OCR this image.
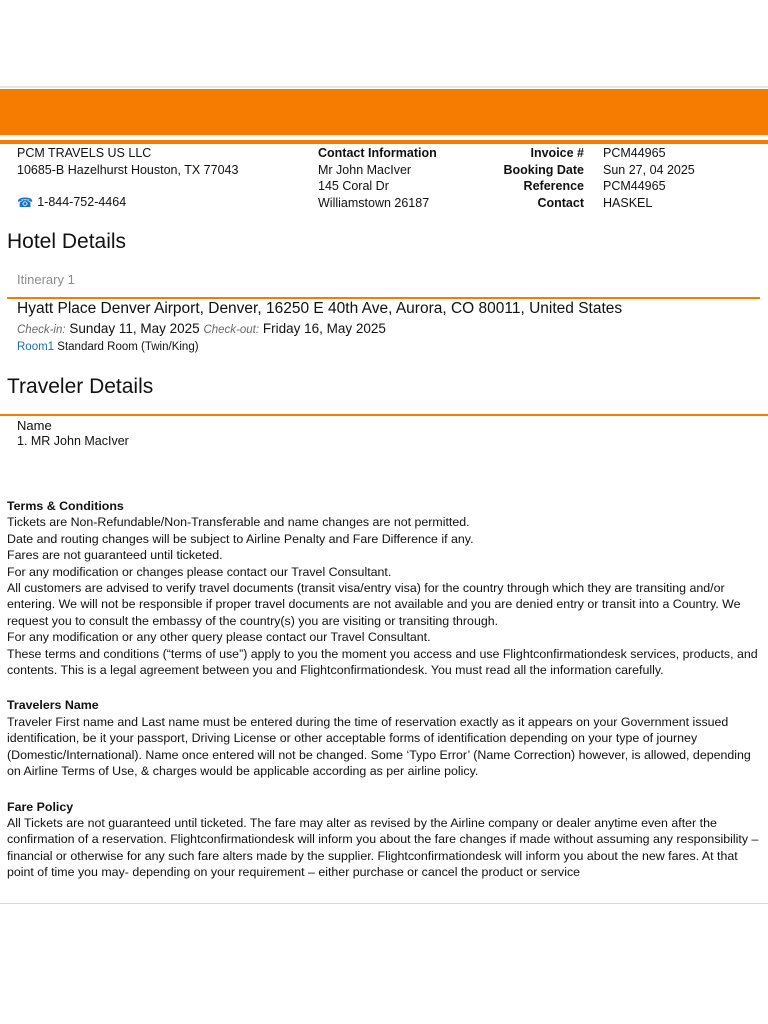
PCM TRAVELS US LLC
10685-B Hazelhurst Houston, TX 77043
☎ 1-844-752-4464
Contact Information
Mr John MacIver
145 Coral Dr
Williamstown 26187
Invoice # PCM44965
Booking Date Sun 27, 04 2025
Reference PCM44965
Contact HASKEL
Hotel Details
Itinerary 1
Hyatt Place Denver Airport, Denver, 16250 E 40th Ave, Aurora, CO 80011, United States
Check-in: Sunday 11, May 2025 Check-out: Friday 16, May 2025
Room1 Standard Room (Twin/King)
Traveler Details
Name
1. MR John MacIver
Terms & Conditions

Tickets are Non-Refundable/Non-Transferable and name changes are not permitted.

Date and routing changes will be subject to Airline Penalty and Fare Difference if any.

Fares are not guaranteed until ticketed.

For any modification or changes please contact our Travel Consultant.

All customers are advised to verify travel documents (transit visa/entry visa) for the country through which they are transiting and/or entering. We will not be responsible if proper travel documents are not available and you are denied entry or transit into a Country. We request you to consult the embassy of the country(s) you are visiting or transiting through.

For any modification or any other query please contact our Travel Consultant.

These terms and conditions (“terms of use”) apply to you the moment you access and use Flightconfirmationdesk services, products, and contents. This is a legal agreement between you and Flightconfirmationdesk. You must read all the information carefully.

Travelers Name

Traveler First name and Last name must be entered during the time of reservation exactly as it appears on your Government issued identification, be it your passport, Driving License or other acceptable forms of identification depending on your type of journey (Domestic/International). Name once entered will not be changed. Some ‘Typo Error’ (Name Correction) however, is allowed, depending on Airline Terms of Use, & charges would be applicable according as per airline policy.

Fare Policy

All Tickets are not guaranteed until ticketed. The fare may alter as revised by the Airline company or dealer anytime even after the confirmation of a reservation. Flightconfirmationdesk will inform you about the fare changes if made without assuming any responsibility –financial or otherwise for any such fare alters made by the supplier. Flightconfirmationdesk will inform you about the new fares. At that point of time you may- depending on your requirement – either purchase or cancel the product or service
